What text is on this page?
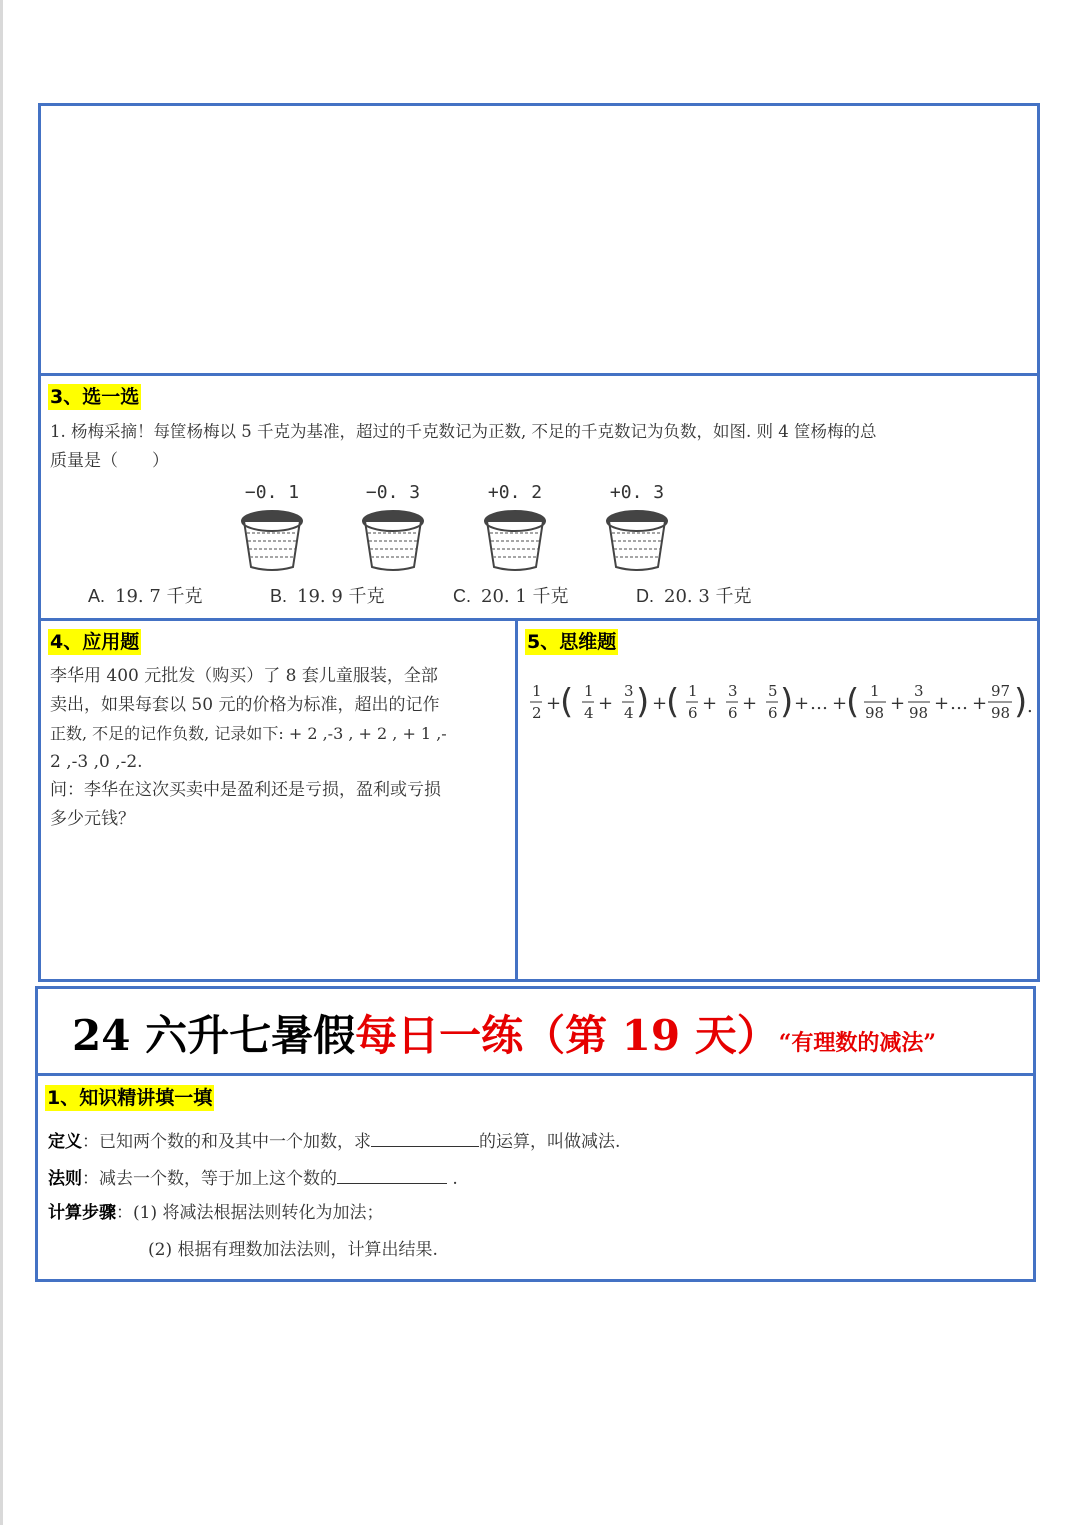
3、选一选
1. 杨梅采摘！每筐杨梅以 5 千克为基准，超过的千克数记为正数, 不足的千克数记为负数，如图. 则 4 筐杨梅的总
质量是（　　）
−0. 1	−0. 3	+0. 2	+0. 3
A. 19. 7 千克	B. 19. 9 千克	C. 20. 1 千克	D. 20. 3 千克
4、应用题
李华用 400 元批发（购买）了 8 套儿童服装，全部
卖出，如果每套以 50 元的价格为标准，超出的记作
正数, 不足的记作负数, 记录如下: + 2 ,-3 , + 2 , + 1 ,-
2 ,-3 ,0 ,-2.
问：李华在这次买卖中是盈利还是亏损，盈利或亏损
多少元钱？
5、思维题
1
2 +
( 1
4 +
3
4 ) +
( 1
6 +
3
6 +
5
6 ) + … +
( 1
98 +
3
98 + … +
97
98 ) .
24 六升七暑假每日一练（第 19 天）“有理数的减法”
1、知识精讲填一填
定义：已知两个数的和及其中一个加数，求	的运算，叫做减法.
法则：减去一个数，等于加上这个数的	.
计算步骤：(1) 将减法根据法则转化为加法；
(2) 根据有理数加法法则，计算出结果.
